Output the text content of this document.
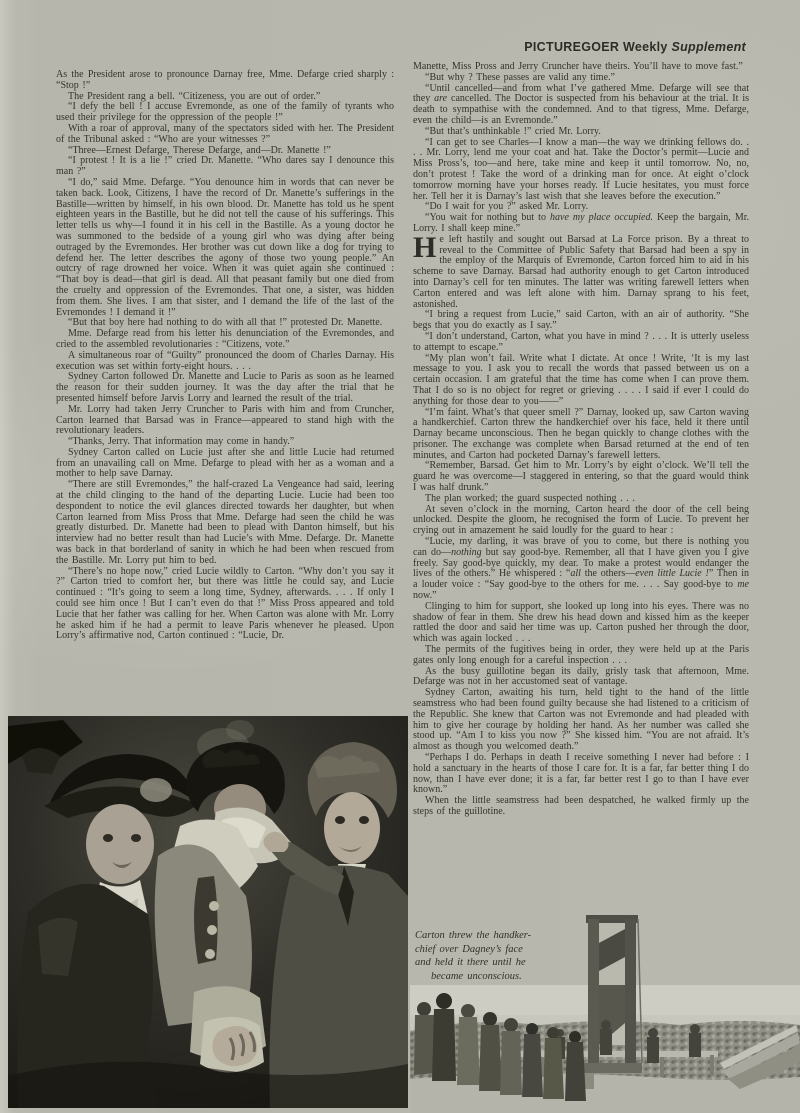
PICTUREGOER Weekly Supplement

As the President arose to pronounce Darnay free, Mme. Defarge cried sharply : “Stop !”

The President rang a bell. “Citizeness, you are out of order.”

“I defy the bell ! I accuse Evremonde, as one of the family of tyrants who used their privilege for the oppression of the people !”

With a roar of approval, many of the spectators sided with her. The President of the Tribunal asked : “Who are your witnesses ?”

“Three—Ernest Defarge, Therese Defarge, and—Dr. Manette !”

“I protest ! It is a lie !” cried Dr. Manette. “Who dares say I denounce this man ?”

“I do,” said Mme. Defarge. “You denounce him in words that can never be taken back. Look, Citizens, I have the record of Dr. Manette’s sufferings in the Bastille—written by himself, in his own blood. Dr. Manette has told us he spent eighteen years in the Bastille, but he did not tell the cause of his sufferings. This letter tells us why—I found it in his cell in the Bastille. As a young doctor he was summoned to the bedside of a young girl who was dying after being outraged by the Evremondes. Her brother was cut down like a dog for trying to defend her. The letter describes the agony of those two young people.” An outcry of rage drowned her voice. When it was quiet again she continued : “That boy is dead—that girl is dead. All that peasant family but one died from the cruelty and oppression of the Evremondes. That one, a sister, was hidden from them. She lives. I am that sister, and I demand the life of the last of the Evremondes ! I demand it !”

“But that boy here had nothing to do with all that !” protested Dr. Manette.

Mme. Defarge read from his letter his denunciation of the Evremondes, and cried to the assembled revolutionaries : “Citizens, vote.”

A simultaneous roar of “Guilty” pronounced the doom of Charles Darnay. His execution was set within forty-eight hours. . . .

Sydney Carton followed Dr. Manette and Lucie to Paris as soon as he learned the reason for their sudden journey. It was the day after the trial that he presented himself before Jarvis Lorry and learned the result of the trial.

Mr. Lorry had taken Jerry Cruncher to Paris with him and from Cruncher, Carton learned that Barsad was in France—appeared to stand high with the revolutionary leaders.

“Thanks, Jerry. That information may come in handy.”

Sydney Carton called on Lucie just after she and little Lucie had returned from an unavailing call on Mme. Defarge to plead with her as a woman and a mother to help save Darnay.

“There are still Evremondes,” the half-crazed La Vengeance had said, leering at the child clinging to the hand of the departing Lucie. Lucie had been too despondent to notice the evil glances directed towards her daughter, but when Carton learned from Miss Pross that Mme. Defarge had seen the child he was greatly disturbed. Dr. Manette had been to plead with Danton himself, but his interview had no better result than had Lucie’s with Mme. Defarge. Dr. Manette was back in that borderland of sanity in which he had been when rescued from the Bastille. Mr. Lorry put him to bed.

“There’s no hope now,” cried Lucie wildly to Carton. “Why don’t you say it ?” Carton tried to comfort her, but there was little he could say, and Lucie continued : “It’s going to seem a long time, Sydney, afterwards. . . . If only I could see him once ! But I can’t even do that !” Miss Pross appeared and told Lucie that her father was calling for her. When Carton was alone with Mr. Lorry he asked him if he had a permit to leave Paris whenever he pleased. Upon Lorry’s affirmative nod, Carton continued : “Lucie, Dr.

Manette, Miss Pross and Jerry Cruncher have theirs. You’ll have to move fast.”

“But why ? These passes are valid any time.”

“Until cancelled—and from what I’ve gathered Mme. Defarge will see that they are cancelled. The Doctor is suspected from his behaviour at the trial. It is death to sympathise with the condemned. And to that tigress, Mme. Defarge, even the child—is an Evremonde.”

“But that’s unthinkable !” cried Mr. Lorry.

“I can get to see Charles—I know a man—the way we drinking fellows do. . . . Mr. Lorry, lend me your coat and hat. Take the Doctor’s permit—Lucie and Miss Pross’s, too—and here, take mine and keep it until tomorrow. No, no, don’t protest ! Take the word of a drinking man for once. At eight o’clock tomorrow morning have your horses ready. If Lucie hesitates, you must force her. Tell her it is Darnay’s last wish that she leaves before the execution.”

“Do I wait for you ?” asked Mr. Lorry.

“You wait for nothing but to have my place occupied. Keep the bargain, Mr. Lorry. I shall keep mine.”

He left hastily and sought out Barsad at La Force prison. By a threat to reveal to the Committee of Public Safety that Barsad had been a spy in the employ of the Marquis of Evremonde, Carton forced him to aid in his scheme to save Darnay. Barsad had authority enough to get Carton introduced into Darnay’s cell for ten minutes. The latter was writing farewell letters when Carton entered and was left alone with him. Darnay sprang to his feet, astonished.

“I bring a request from Lucie,” said Carton, with an air of authority. “She begs that you do exactly as I say.”

“I don’t understand, Carton, what you have in mind ? . . . It is utterly useless to attempt to escape.”

“My plan won’t fail. Write what I dictate. At once ! Write, ‘It is my last message to you. I ask you to recall the words that passed between us on a certain occasion. I am grateful that the time has come when I can prove them. That I do so is no object for regret or grieving . . . . I said if ever I could do anything for those dear to you——”

“I’m faint. What’s that queer smell ?” Darnay, looked up, saw Carton waving a handkerchief. Carton threw the handkerchief over his face, held it there until Darnay became unconscious. Then he began quickly to change clothes with the prisoner. The exchange was complete when Barsad returned at the end of ten minutes, and Carton had pocketed Darnay’s farewell letters.

“Remember, Barsad. Get him to Mr. Lorry’s by eight o’clock. We’ll tell the guard he was overcome—I staggered in entering, so that the guard would think I was half drunk.”

The plan worked; the guard suspected nothing . . .

At seven o’clock in the morning, Carton heard the door of the cell being unlocked. Despite the gloom, he recognised the form of Lucie. To prevent her crying out in amazement he said loudly for the guard to hear :

“Lucie, my darling, it was brave of you to come, but there is nothing you can do—nothing but say good-bye. Remember, all that I have given you I give freely. Say good-bye quickly, my dear. To make a protest would endanger the lives of the others.” He whispered : “all the others—even little Lucie !” Then in a louder voice : “Say good-bye to the others for me. . . . Say good-bye to me now.”

Clinging to him for support, she looked up long into his eyes. There was no shadow of fear in them. She drew his head down and kissed him as the keeper rattled the door and said her time was up. Carton pushed her through the door, which was again locked . . .

The permits of the fugitives being in order, they were held up at the Paris gates only long enough for a careful inspection . . .

As the busy guillotine began its daily, grisly task that afternoon, Mme. Defarge was not in her accustomed seat of vantage.

Sydney Carton, awaiting his turn, held tight to the hand of the little seamstress who had been found guilty because she had listened to a criticism of the Republic. She knew that Carton was not Evremonde and had pleaded with him to give her courage by holding her hand. As her number was called she stood up. “Am I to kiss you now ?” She kissed him. “You are not afraid. It’s almost as though you welcomed death.”

“Perhaps I do. Perhaps in death I receive something I never had before : I hold a sanctuary in the hearts of those I care for. It is a far, far better thing I do now, than I have ever done; it is a far, far better rest I go to than I have ever known.”

When the little seamstress had been despatched, he walked firmly up the steps of the guillotine.

Carton threw the handker-
chief over Dagney’s face
and held it there until he
became unconscious.
